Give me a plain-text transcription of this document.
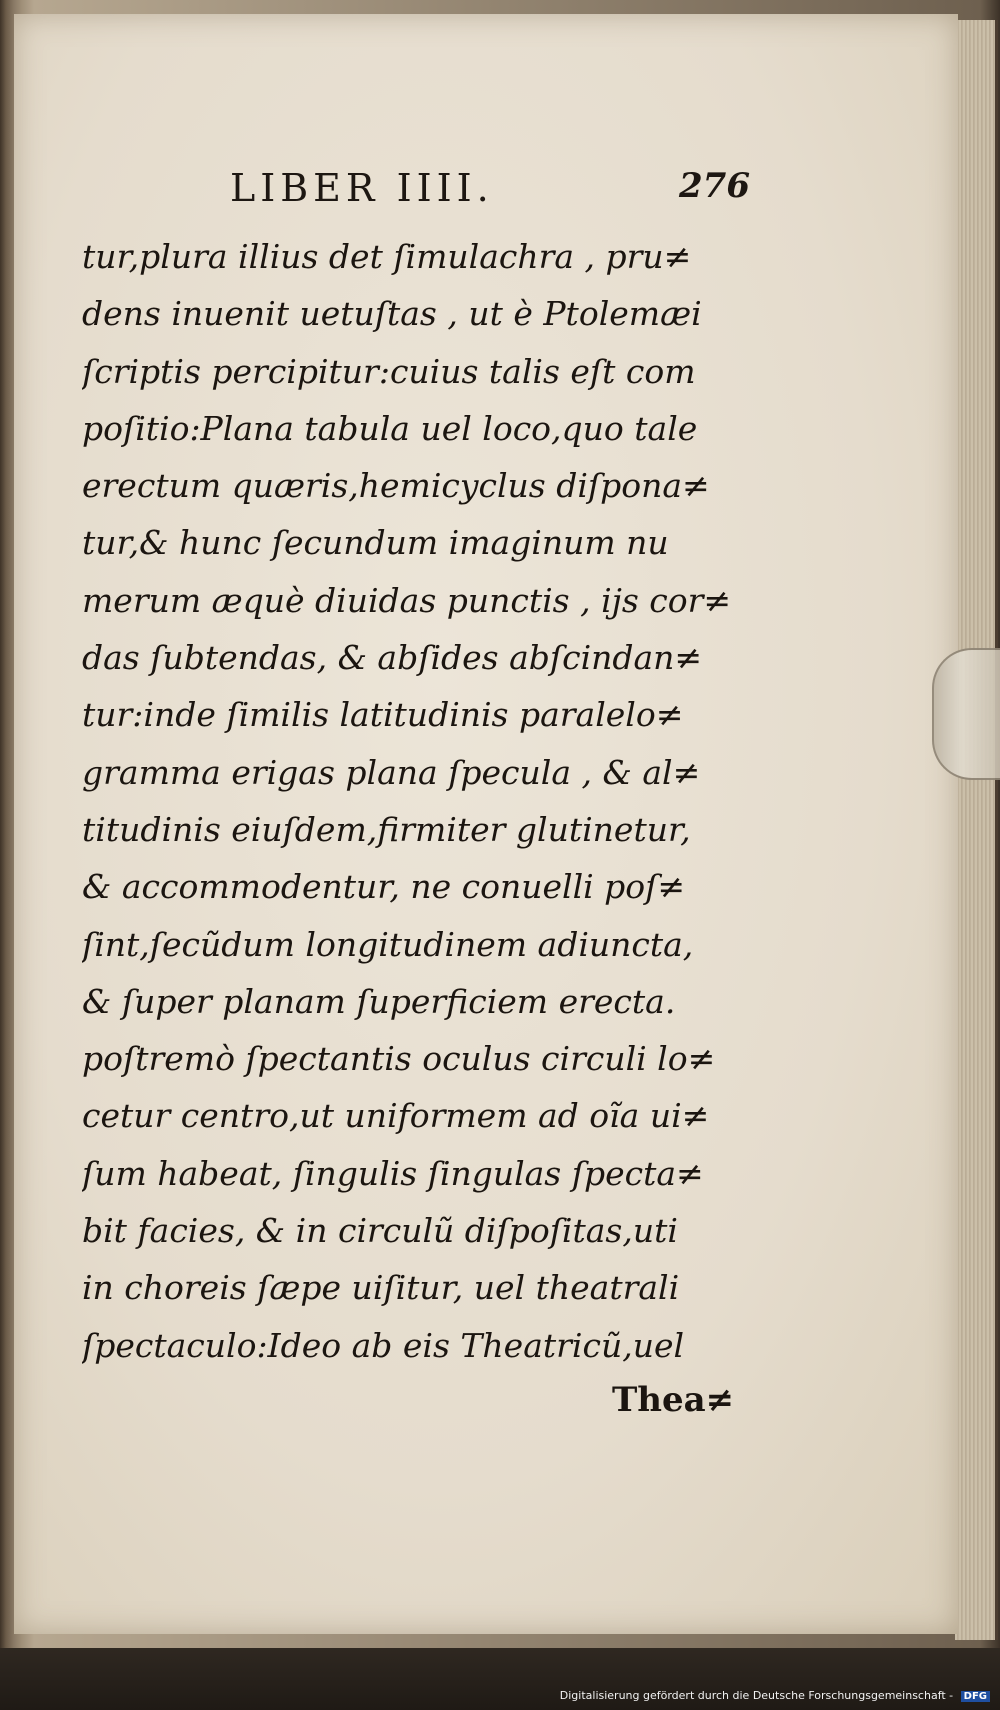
LIBER IIII.	276
tur,plura illius det ſimulachra , pru≠
dens inuenit uetuſtas , ut è Ptolemæi
ſcriptis percipitur:cuius talis eſt com
poſitio:Plana tabula uel loco,quo tale
erectum quæris,hemicyclus diſpona≠
tur,& hunc ſecundum imaginum nu
merum æquè diuidas punctis , ijs cor≠
das ſubtendas, & abſides abſcindan≠
tur:inde ſimilis latitudinis paralelo≠
gramma erigas plana ſpecula , & al≠
titudinis eiuſdem,firmiter glutinetur,
& accommodentur, ne conuelli poſ≠
ſint,ſecũdum longitudinem adiuncta,
& ſuper planam ſuperficiem erecta.
poſtremò ſpectantis oculus circuli lo≠
cetur centro,ut uniformem ad oĩa ui≠
ſum habeat, ſingulis ſingulas ſpecta≠
bit facies, & in circulũ diſpoſitas,uti
in choreis ſæpe uiſitur, uel theatrali
ſpectaculo:Ideo ab eis Theatricũ,uel
Thea≠
Digitalisierung gefördert durch die Deutsche Forschungsgemeinschaft - DFG
